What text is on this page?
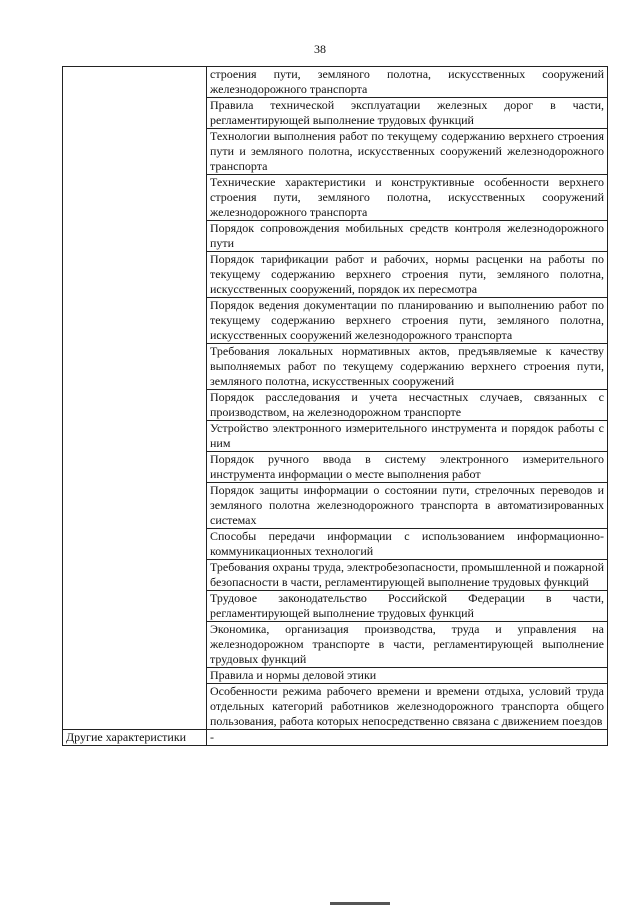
38
	строения пути, земляного полотна, искусственных сооружений железнодорожного транспорта
	Правила технической эксплуатации железных дорог в части, регламентирующей выполнение трудовых функций
	Технологии выполнения работ по текущему содержанию верхнего строения пути и земляного полотна, искусственных сооружений железнодорожного транспорта
	Технические характеристики и конструктивные особенности верхнего строения пути, земляного полотна, искусственных сооружений железнодорожного транспорта
	Порядок сопровождения мобильных средств контроля железнодорожного пути
	Порядок тарификации работ и рабочих, нормы расценки на работы по текущему содержанию верхнего строения пути, земляного полотна, искусственных сооружений, порядок их пересмотра
	Порядок ведения документации по планированию и выполнению работ по текущему содержанию верхнего строения пути, земляного полотна, искусственных сооружений железнодорожного транспорта
	Требования локальных нормативных актов, предъявляемые к качеству выполняемых работ по текущему содержанию верхнего строения пути, земляного полотна, искусственных сооружений
	Порядок расследования и учета несчастных случаев, связанных с производством, на железнодорожном транспорте
	Устройство электронного измерительного инструмента и порядок работы с ним
	Порядок ручного ввода в систему электронного измерительного инструмента информации о месте выполнения работ
	Порядок защиты информации о состоянии пути, стрелочных переводов и земляного полотна железнодорожного транспорта в автоматизированных системах
	Способы передачи информации с использованием информационно-коммуникационных технологий
	Требования охраны труда, электробезопасности, промышленной и пожарной безопасности в части, регламентирующей выполнение трудовых функций
	Трудовое законодательство Российской Федерации в части, регламентирующей выполнение трудовых функций
	Экономика, организация производства, труда и управления на железнодорожном транспорте в части, регламентирующей выполнение трудовых функций
	Правила и нормы деловой этики
	Особенности режима рабочего времени и времени отдыха, условий труда отдельных категорий работников железнодорожного транспорта общего пользования, работа которых непосредственно связана с движением поездов
Другие характеристики	-
